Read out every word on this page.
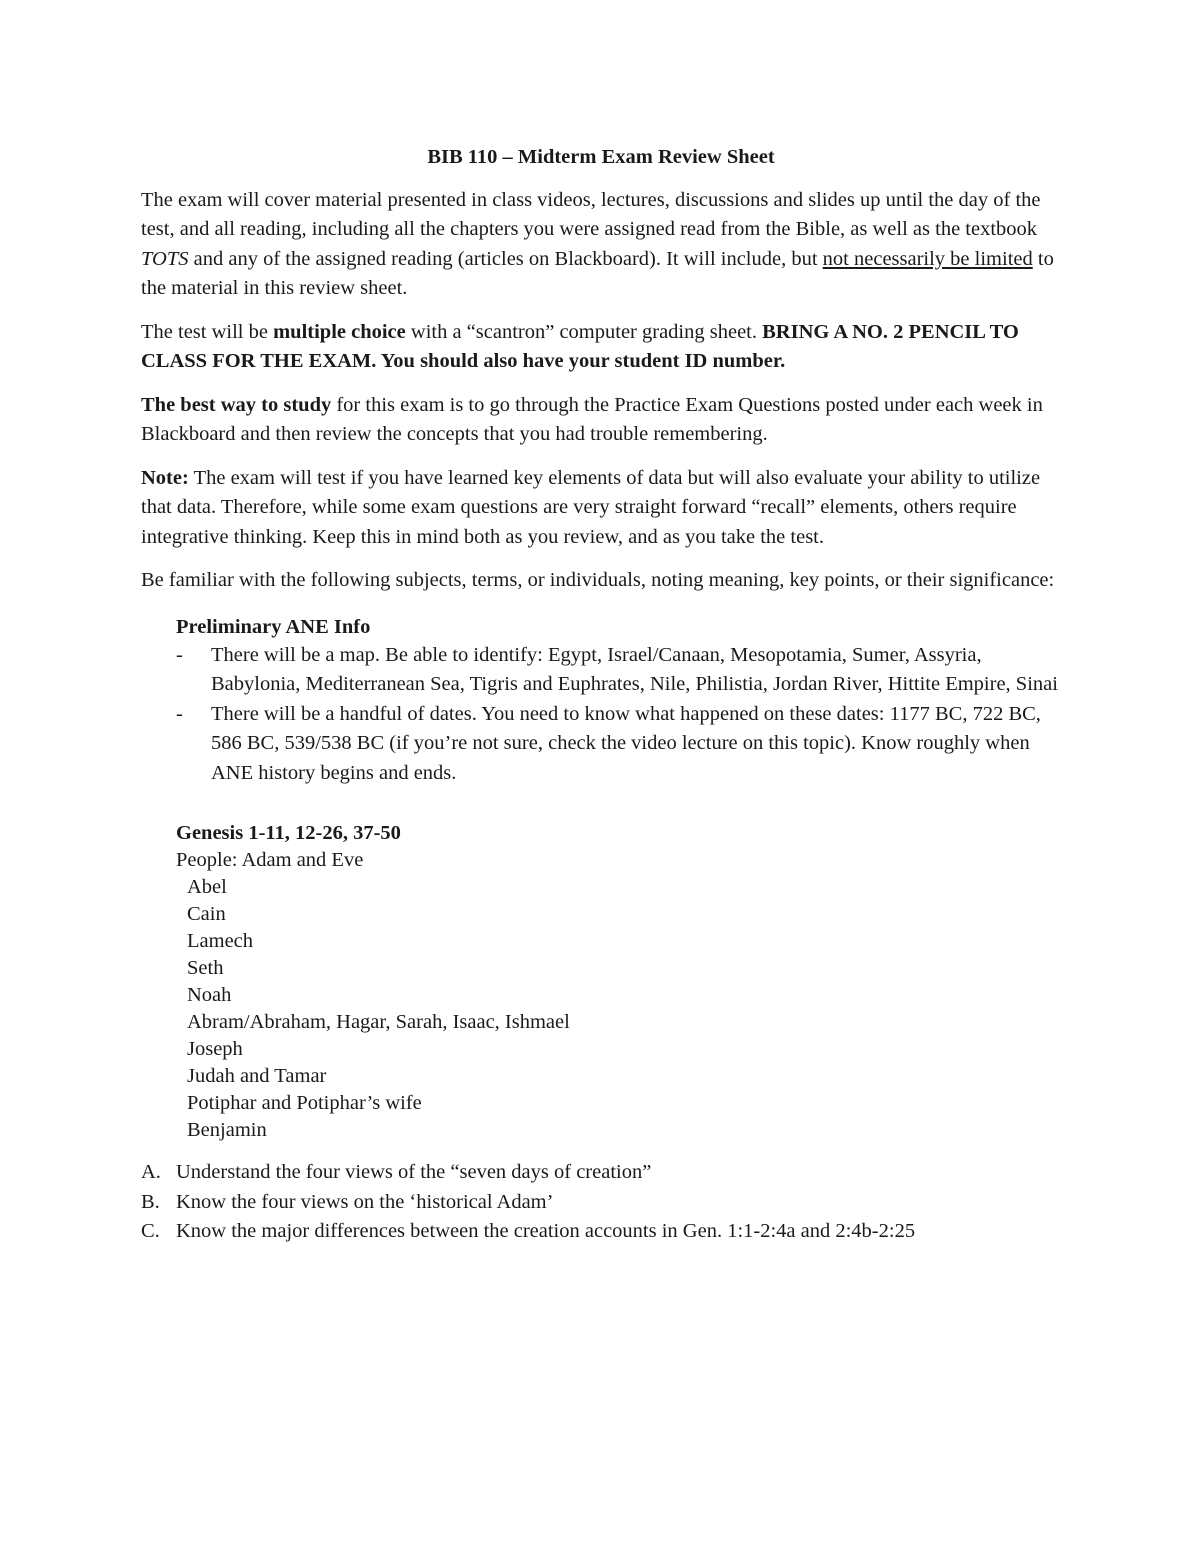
BIB 110 – Midterm Exam Review Sheet

The exam will cover material presented in class videos, lectures, discussions and slides up until the day of the test, and all reading, including all the chapters you were assigned read from the Bible, as well as the textbook TOTS and any of the assigned reading (articles on Blackboard). It will include, but not necessarily be limited to the material in this review sheet.

The test will be multiple choice with a “scantron” computer grading sheet. BRING A NO. 2 PENCIL TO CLASS FOR THE EXAM. You should also have your student ID number.

The best way to study for this exam is to go through the Practice Exam Questions posted under each week in Blackboard and then review the concepts that you had trouble remembering.

Note: The exam will test if you have learned key elements of data but will also evaluate your ability to utilize that data. Therefore, while some exam questions are very straight forward “recall” elements, others require integrative thinking. Keep this in mind both as you review, and as you take the test.

Be familiar with the following subjects, terms, or individuals, noting meaning, key points, or their significance:

Preliminary ANE Info
- There will be a map. Be able to identify: Egypt, Israel/Canaan, Mesopotamia, Sumer, Assyria, Babylonia, Mediterranean Sea, Tigris and Euphrates, Nile, Philistia, Jordan River, Hittite Empire, Sinai
- There will be a handful of dates. You need to know what happened on these dates: 1177 BC, 722 BC, 586 BC, 539/538 BC (if you’re not sure, check the video lecture on this topic). Know roughly when ANE history begins and ends.
Genesis 1-11, 12-26, 37-50
People: Adam and Eve
Abel
Cain
Lamech
Seth
Noah
Abram/Abraham, Hagar, Sarah, Isaac, Ishmael
Joseph
Judah and Tamar
Potiphar and Potiphar’s wife
Benjamin
A. Understand the four views of the “seven days of creation”
B. Know the four views on the ‘historical Adam’
C. Know the major differences between the creation accounts in Gen. 1:1-2:4a and 2:4b-2:25
